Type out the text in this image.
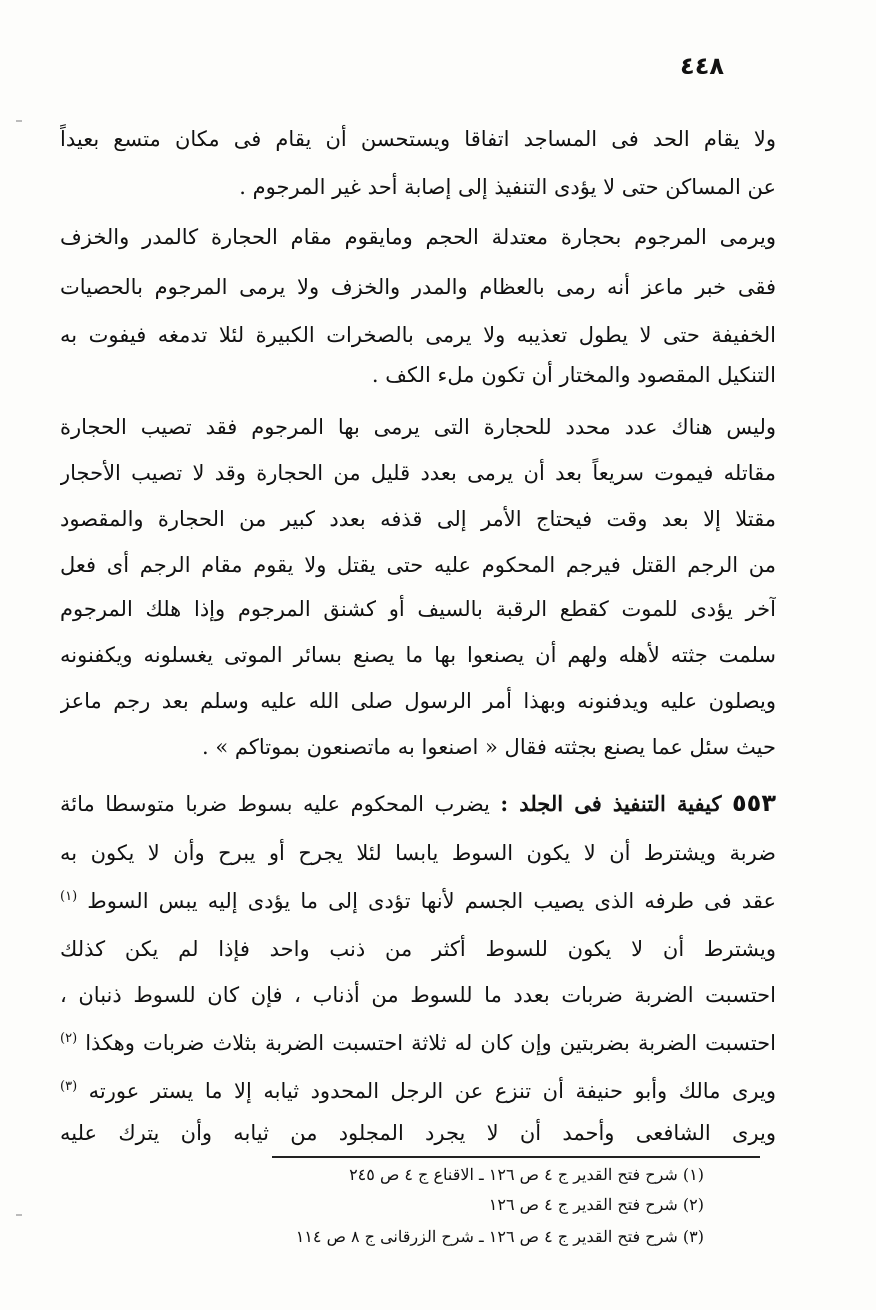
٤٤٨
ولا يقام الحد فى المساجد اتفاقا ويستحسن أن يقام فى مكان متسع بعيداً
عن المساكن حتى لا يؤدى التنفيذ إلى إصابة أحد غير المرجوم .
ويرمى المرجوم بحجارة معتدلة الحجم ومايقوم مقام الحجارة كالمدر والخزف
فقى خبر ماعز أنه رمى بالعظام والمدر والخزف ولا يرمى المرجوم بالحصيات
الخفيفة حتى لا يطول تعذيبه ولا يرمى بالصخرات الكبيرة لئلا تدمغه فيفوت به
التنكيل المقصود والمختار أن تكون ملء الكف .
وليس هناك عدد محدد للحجارة التى يرمى بها المرجوم فقد تصيب الحجارة
مقاتله فيموت سريعاً بعد أن يرمى بعدد قليل من الحجارة وقد لا تصيب الأحجار
مقتلا إلا بعد وقت فيحتاج الأمر إلى قذفه بعدد كبير من الحجارة والمقصود
من الرجم القتل فيرجم المحكوم عليه حتى يقتل ولا يقوم مقام الرجم أى فعل
آخر يؤدى للموت كقطع الرقبة بالسيف أو كشنق المرجوم وإذا هلك المرجوم
سلمت جثته لأهله ولهم أن يصنعوا بها ما يصنع بسائر الموتى يغسلونه ويكفنونه
ويصلون عليه ويدفنونه وبهذا أمر الرسول صلى الله عليه وسلم بعد رجم ماعز
حيث سئل عما يصنع بجثته فقال « اصنعوا به ماتصنعون بموتاكم » .
٥٥٣ كيفية التنفيذ فى الجلد : يضرب المحكوم عليه بسوط ضربا متوسطا مائة
ضربة ويشترط أن لا يكون السوط يابسا لئلا يجرح أو يبرح وأن لا يكون به
عقد فى طرفه الذى يصيب الجسم لأنها تؤدى إلى ما يؤدى إليه يبس السوط $^{(١)}$
ويشترط أن لا يكون للسوط أكثر من ذنب واحد فإذا لم يكن كذلك
احتسبت الضربة ضربات بعدد ما للسوط من أذناب ، فإن كان للسوط ذنبان ،
احتسبت الضربة بضربتين وإن كان له ثلاثة احتسبت الضربة بثلاث ضربات وهكذا $^{(٢)}$
ويرى مالك وأبو حنيفة أن تنزع عن الرجل المحدود ثيابه إلا ما يستر عورته $^{(٣)}$
ويرى الشافعى وأحمد أن لا يجرد المجلود من ثيابه وأن يترك عليه
(١) شرح فتح القدير ج ٤ ص ١٢٦ ـ الاقناع ج ٤ ص ٢٤٥
(٢) شرح فتح القدير ج ٤ ص ١٢٦
(٣) شرح فتح القدير ج ٤ ص ١٢٦ ـ شرح الزرقانى ج ٨ ص ١١٤
